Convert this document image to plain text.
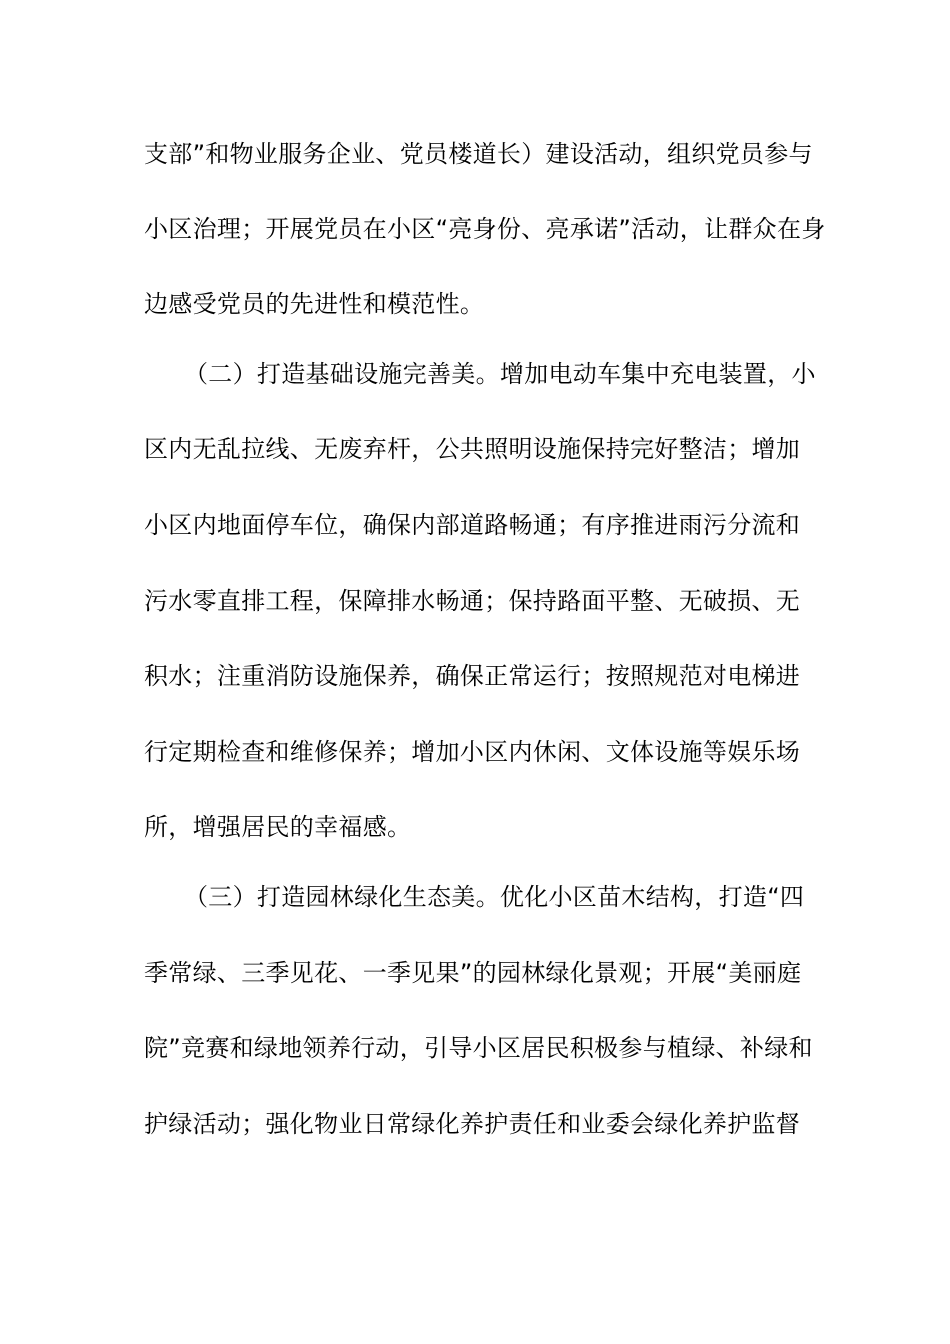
支部”和物业服务企业、党员楼道长）建设活动，组织党员参与
小区治理；开展党员在小区“亮身份、亮承诺”活动，让群众在身
边感受党员的先进性和模范性。
（二）打造基础设施完善美。增加电动车集中充电装置，小
区内无乱拉线、无废弃杆，公共照明设施保持完好整洁；增加
小区内地面停车位，确保内部道路畅通；有序推进雨污分流和
污水零直排工程，保障排水畅通；保持路面平整、无破损、无
积水；注重消防设施保养，确保正常运行；按照规范对电梯进
行定期检查和维修保养；增加小区内休闲、文体设施等娱乐场
所，增强居民的幸福感。
（三）打造园林绿化生态美。优化小区苗木结构，打造“四
季常绿、三季见花、一季见果”的园林绿化景观；开展“美丽庭
院”竞赛和绿地领养行动，引导小区居民积极参与植绿、补绿和
护绿活动；强化物业日常绿化养护责任和业委会绿化养护监督
